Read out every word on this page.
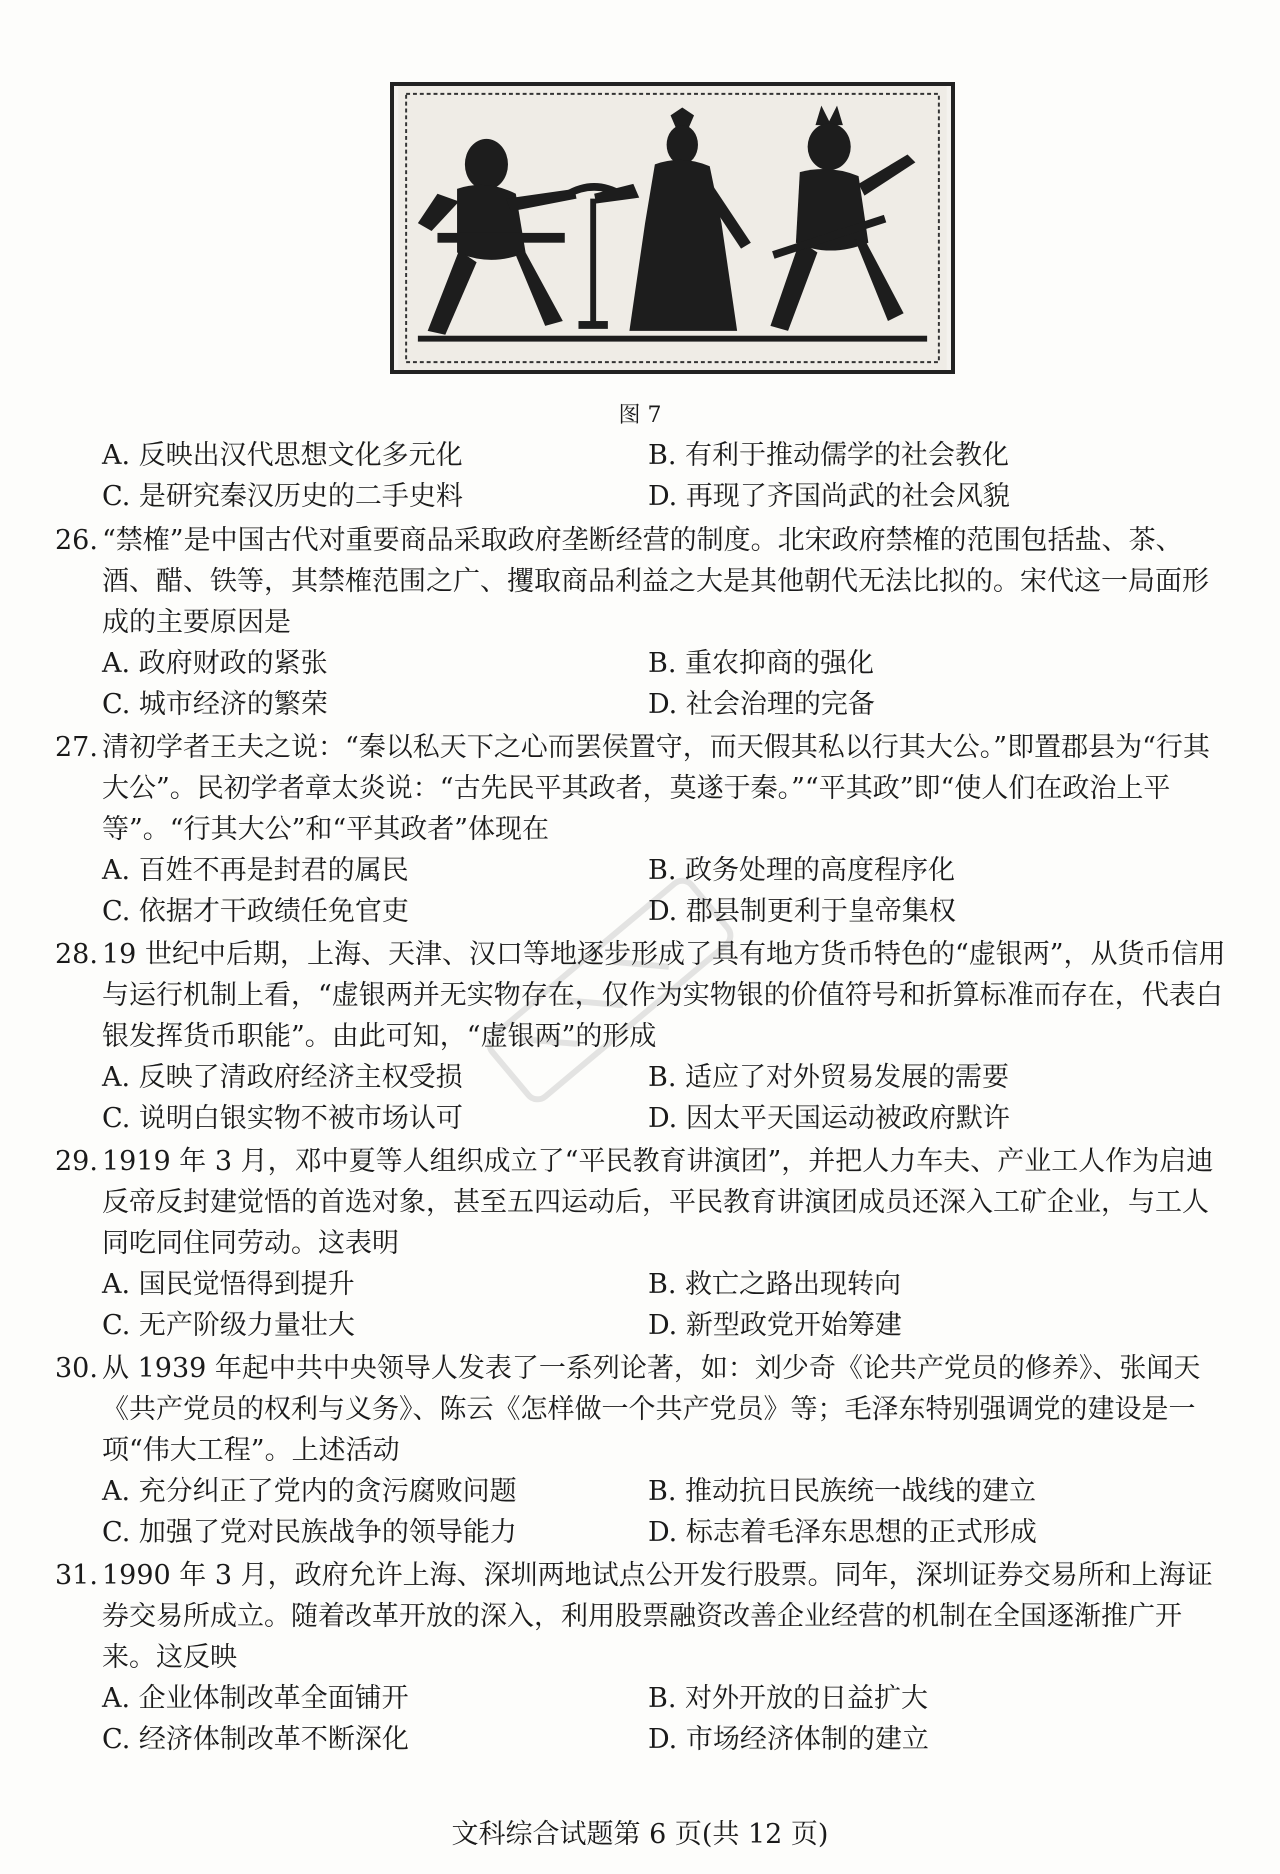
图 7
A. 反映出汉代思想文化多元化	B. 有利于推动儒学的社会教化
C. 是研究秦汉历史的二手史料	D. 再现了齐国尚武的社会风貌

26. “禁榷”是中国古代对重要商品采取政府垄断经营的制度。北宋政府禁榷的范围包括盐、茶、酒、醋、铁等，其禁榷范围之广、攫取商品利益之大是其他朝代无法比拟的。宋代这一局面形成的主要原因是

A. 政府财政的紧张	B. 重农抑商的强化
C. 城市经济的繁荣	D. 社会治理的完备

27. 清初学者王夫之说：“秦以私天下之心而罢侯置守，而天假其私以行其大公。”即置郡县为“行其大公”。民初学者章太炎说：“古先民平其政者，莫遂于秦。”“平其政”即“使人们在政治上平等”。“行其大公”和“平其政者”体现在

A. 百姓不再是封君的属民	B. 政务处理的高度程序化
C. 依据才干政绩任免官吏	D. 郡县制更利于皇帝集权

28. 19 世纪中后期，上海、天津、汉口等地逐步形成了具有地方货币特色的“虚银两”，从货币信用与运行机制上看，“虚银两并无实物存在，仅作为实物银的价值符号和折算标准而存在，代表白银发挥货币职能”。由此可知，“虚银两”的形成

A. 反映了清政府经济主权受损	B. 适应了对外贸易发展的需要
C. 说明白银实物不被市场认可	D. 因太平天国运动被政府默许

29. 1919 年 3 月，邓中夏等人组织成立了“平民教育讲演团”，并把人力车夫、产业工人作为启迪反帝反封建觉悟的首选对象，甚至五四运动后，平民教育讲演团成员还深入工矿企业，与工人同吃同住同劳动。这表明

A. 国民觉悟得到提升	B. 救亡之路出现转向
C. 无产阶级力量壮大	D. 新型政党开始筹建

30. 从 1939 年起中共中央领导人发表了一系列论著，如：刘少奇《论共产党员的修养》、张闻天《共产党员的权利与义务》、陈云《怎样做一个共产党员》等；毛泽东特别强调党的建设是一项“伟大工程”。上述活动

A. 充分纠正了党内的贪污腐败问题	B. 推动抗日民族统一战线的建立
C. 加强了党对民族战争的领导能力	D. 标志着毛泽东思想的正式形成

31. 1990 年 3 月，政府允许上海、深圳两地试点公开发行股票。同年，深圳证券交易所和上海证券交易所成立。随着改革开放的深入，利用股票融资改善企业经营的机制在全国逐渐推广开来。这反映

A. 企业体制改革全面铺开	B. 对外开放的日益扩大
C. 经济体制改革不断深化	D. 市场经济体制的建立
文科综合试题第 6 页(共 12 页)
